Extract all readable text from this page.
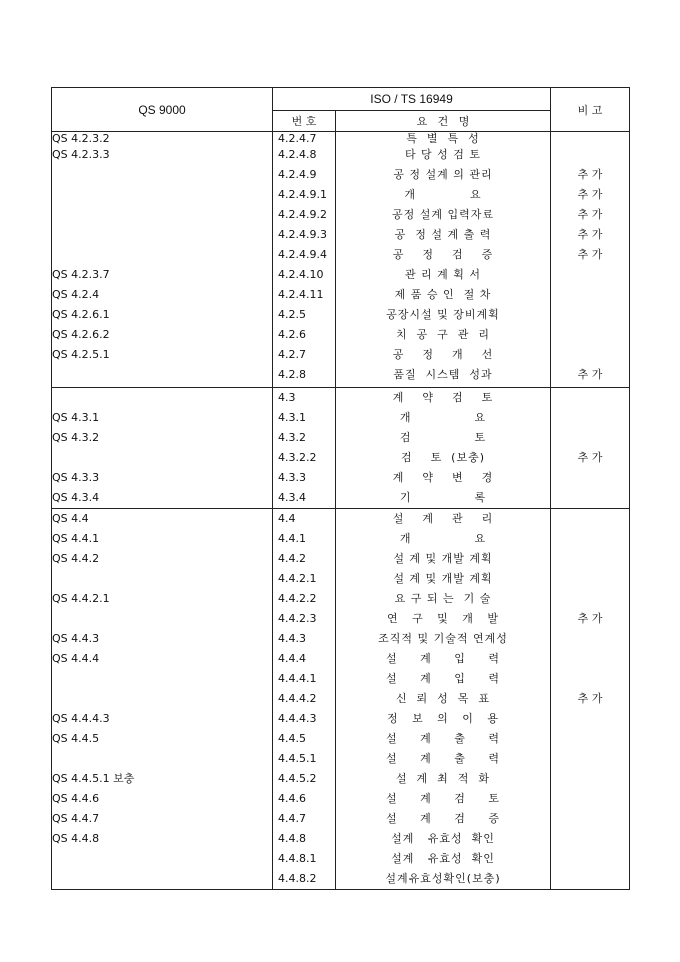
QS 9000	ISO / TS 16949		비 고
	번 호	요   건   명	
QS 4.2.3.2	4.2.4.7	특  별  특  성	
QS 4.2.3.3	4.2.4.8	타 당 성 검 토	
	4.2.4.9	공 정 설계 의 관리	추 가
	4.2.4.9.1	개            요	추 가
	4.2.4.9.2	공정 설계 입력자료	추 가
	4.2.4.9.3	공  정 설 계 출 력	추 가
	4.2.4.9.4	공    정    검    증	추 가
QS 4.2.3.7	4.2.4.10	관 리 계 획 서	
QS 4.2.4	4.2.4.11	제 품 승 인  절 차	
QS 4.2.6.1	4.2.5	공장시설 및 장비계획	
QS 4.2.6.2	4.2.6	치  공  구  관  리	
QS 4.2.5.1	4.2.7	공    정    개    선	
	4.2.8	품질  시스템  성과	추 가
	4.3	계    약    검    토	
QS 4.3.1	4.3.1	개              요	
QS 4.3.2	4.3.2	검              토	
	4.3.2.2	검    토  (보충)	추 가
QS 4.3.3	4.3.3	계    약    변    경	
QS 4.3.4	4.3.4	기              록	
QS 4.4	4.4	설    계    관    리	
QS 4.4.1	4.4.1	개              요	
QS 4.4.2	4.4.2	설 계 및 개발 계획	
	4.4.2.1	설 계 및 개발 계획	
QS 4.4.2.1	4.4.2.2	요 구 되 는  기 술	
	4.4.2.3	연   구   및   개   발	추 가
QS 4.4.3	4.4.3	조직적 및 기술적 연계성	
QS 4.4.4	4.4.4	설     계     입     력	
	4.4.4.1	설     계     입     력	
	4.4.4.2	신  뢰  성  목  표	추 가
QS 4.4.4.3	4.4.4.3	정   보   의   이   용	
QS 4.4.5	4.4.5	설     계     출     력	
	4.4.5.1	설     계     출     력	
QS 4.4.5.1 보충	4.4.5.2	설  계  최  적  화	
QS 4.4.6	4.4.6	설     계     검     토	
QS 4.4.7	4.4.7	설     계     검     증	
QS 4.4.8	4.4.8	설계   유효성  확인	
	4.4.8.1	설계   유효성  확인	
	4.4.8.2	설계유효성확인(보충)	
